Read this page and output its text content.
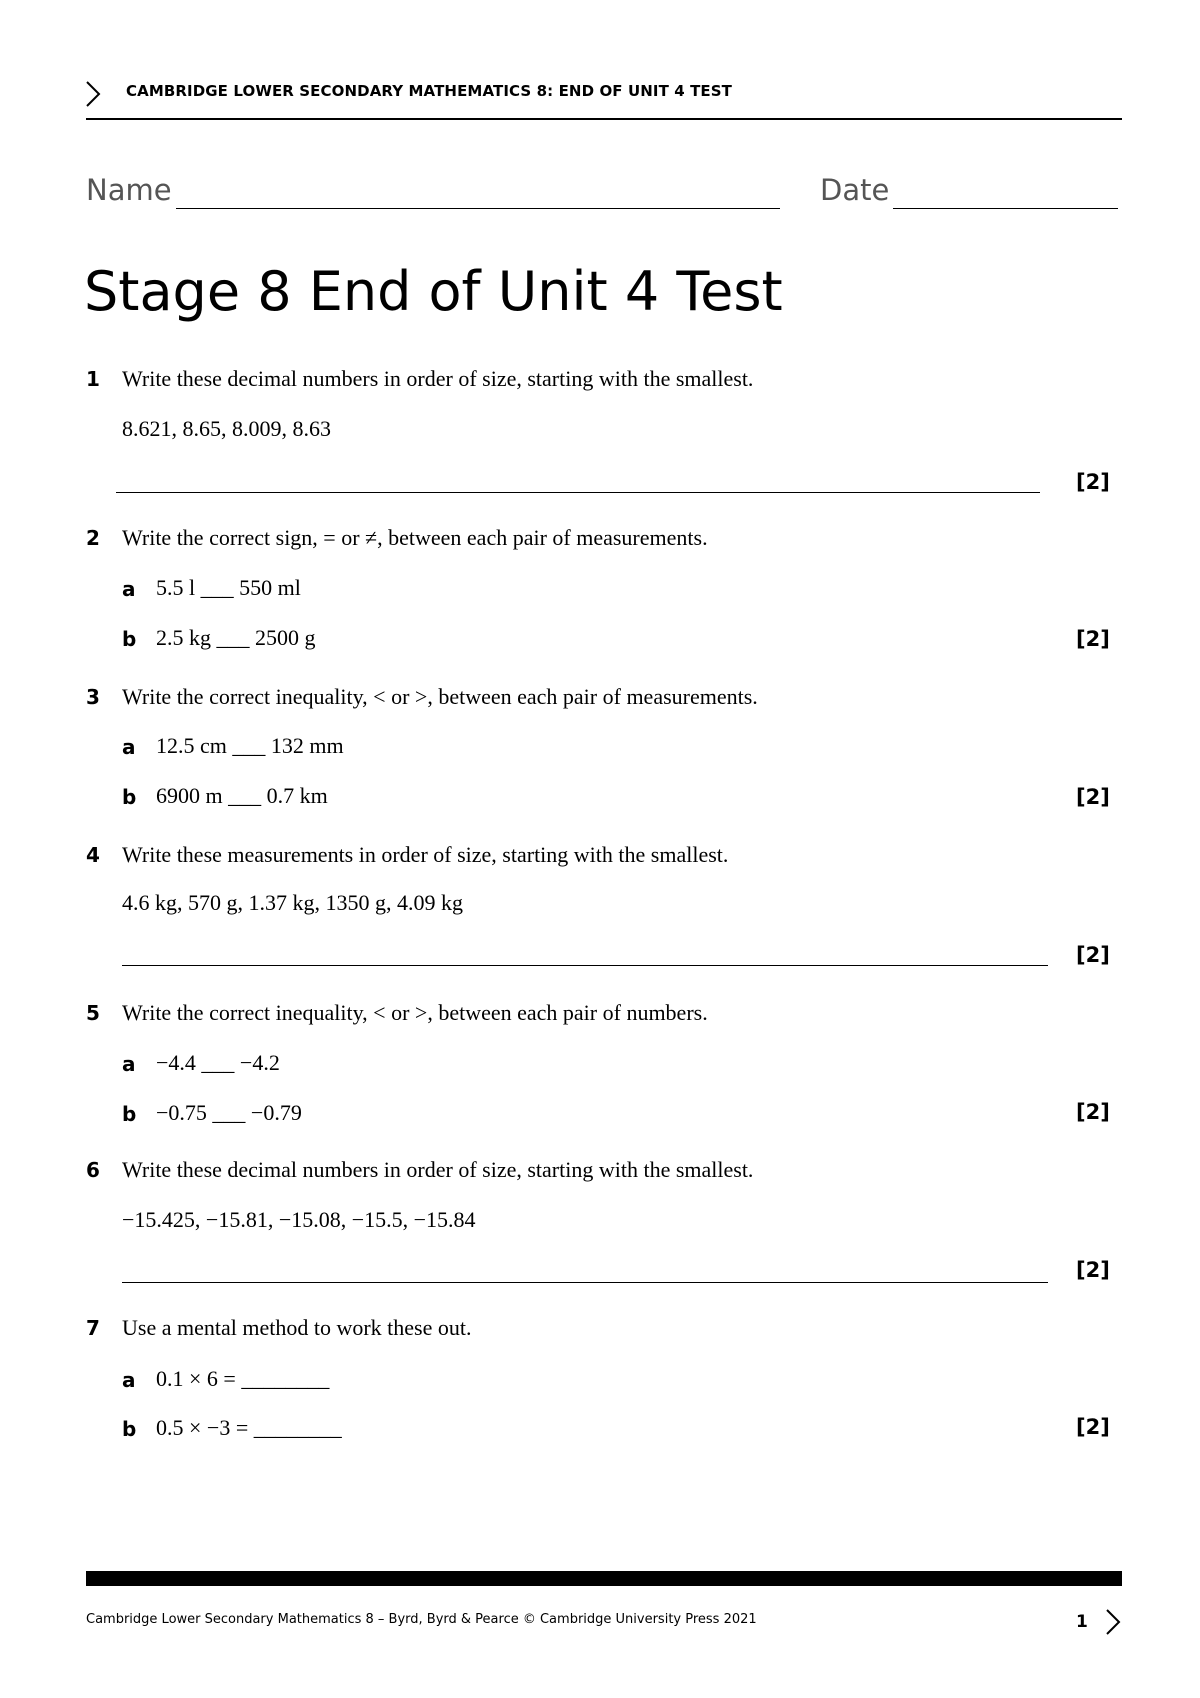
CAMBRIDGE LOWER SECONDARY MATHEMATICS 8: END OF UNIT 4 TEST
Name	Date
Stage 8 End of Unit 4 Test
1 Write these decimal numbers in order of size, starting with the smallest.
8.621, 8.65, 8.009, 8.63
[2]
2 Write the correct sign, = or ≠, between each pair of measurements.
a 5.5 l ___ 550 ml
b 2.5 kg ___ 2500 g	[2]
3 Write the correct inequality, < or >, between each pair of measurements.
a 12.5 cm ___ 132 mm
b 6900 m ___ 0.7 km	[2]
4 Write these measurements in order of size, starting with the smallest.
4.6 kg, 570 g, 1.37 kg, 1350 g, 4.09 kg
[2]
5 Write the correct inequality, < or >, between each pair of numbers.
a −4.4 ___ −4.2
b −0.75 ___ −0.79	[2]
6 Write these decimal numbers in order of size, starting with the smallest.
−15.425, −15.81, −15.08, −15.5, −15.84
[2]
7 Use a mental method to work these out.
a 0.1 × 6 = ________
b 0.5 × −3 = ________	[2]
Cambridge Lower Secondary Mathematics 8 – Byrd, Byrd & Pearce © Cambridge University Press 2021	1
